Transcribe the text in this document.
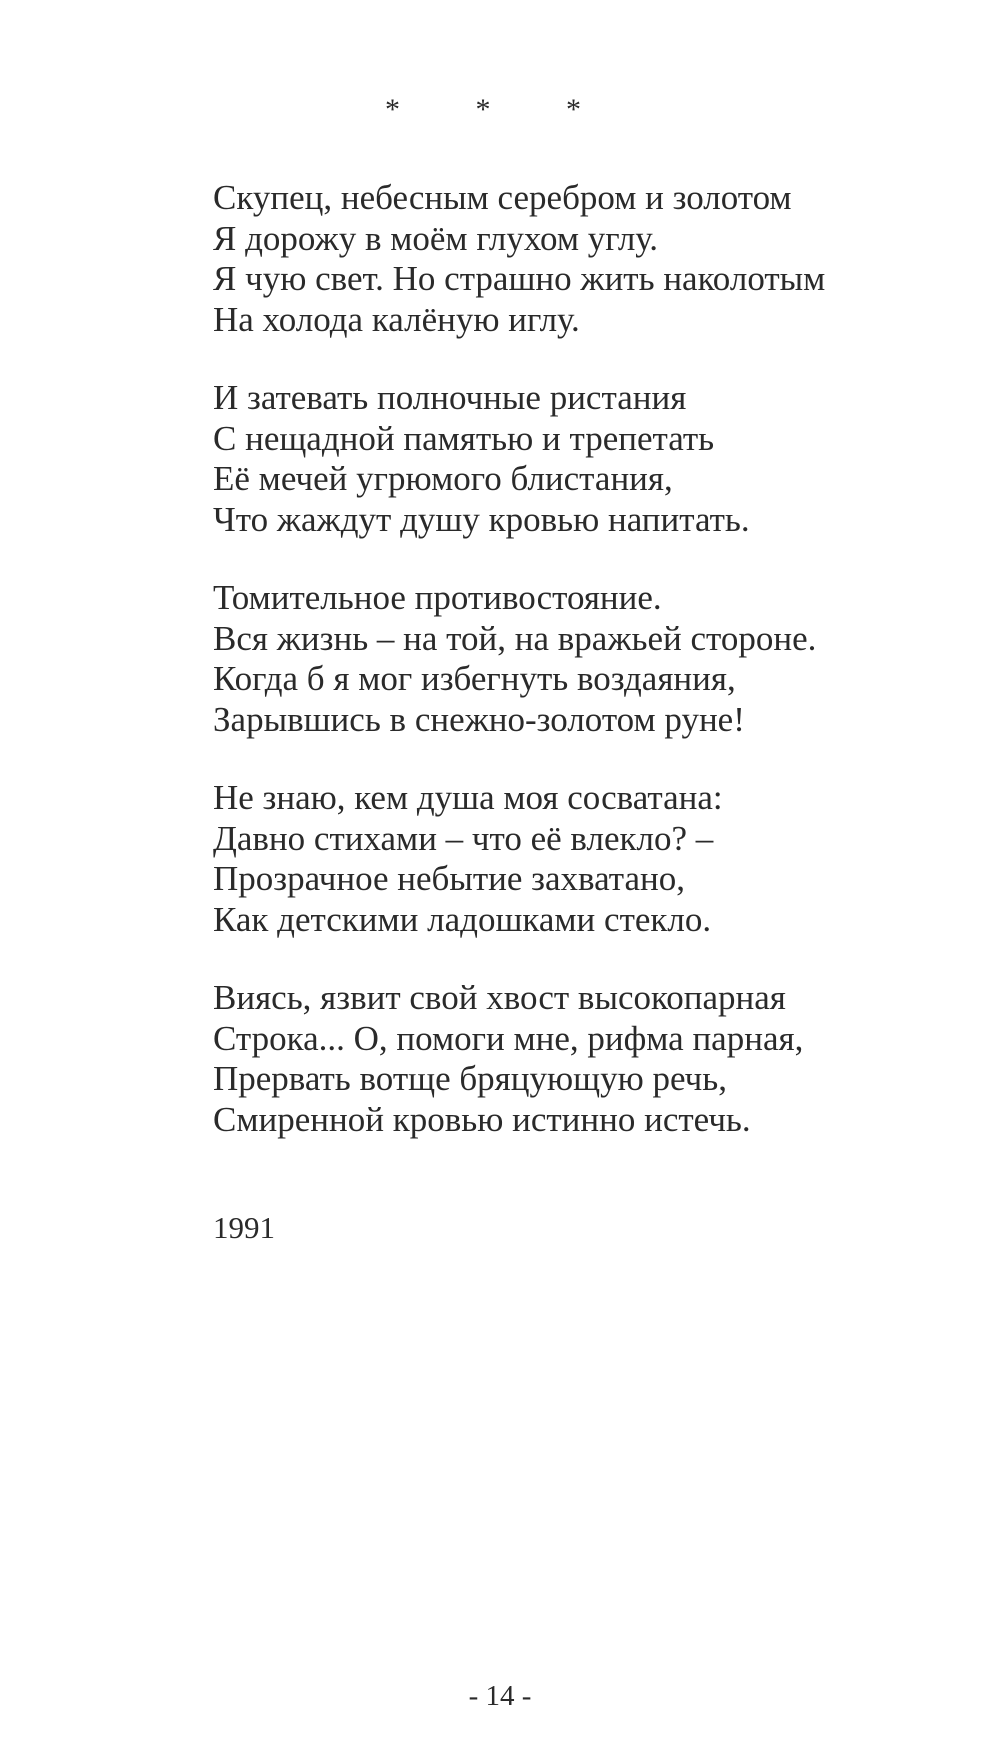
* * *
Скупец, небесным серебром и золотом
Я дорожу в моём глухом углу.
Я чую свет. Но страшно жить наколотым
На холода калёную иглу.
И затевать полночные ристания
С нещадной памятью и трепетать
Её мечей угрюмого блистания,
Что жаждут душу кровью напитать.
Томительное противостояние.
Вся жизнь – на той, на вражьей стороне.
Когда б я мог избегнуть воздаяния,
Зарывшись в снежно-золотом руне!
Не знаю, кем душа моя сосватана:
Давно стихами – что её влекло? –
Прозрачное небытие захватано,
Как детскими ладошками стекло.
Виясь, язвит свой хвост высокопарная
Строка... О, помоги мне, рифма парная,
Прервать вотще бряцующую речь,
Смиренной кровью истинно истечь.
1991
- 14 -
